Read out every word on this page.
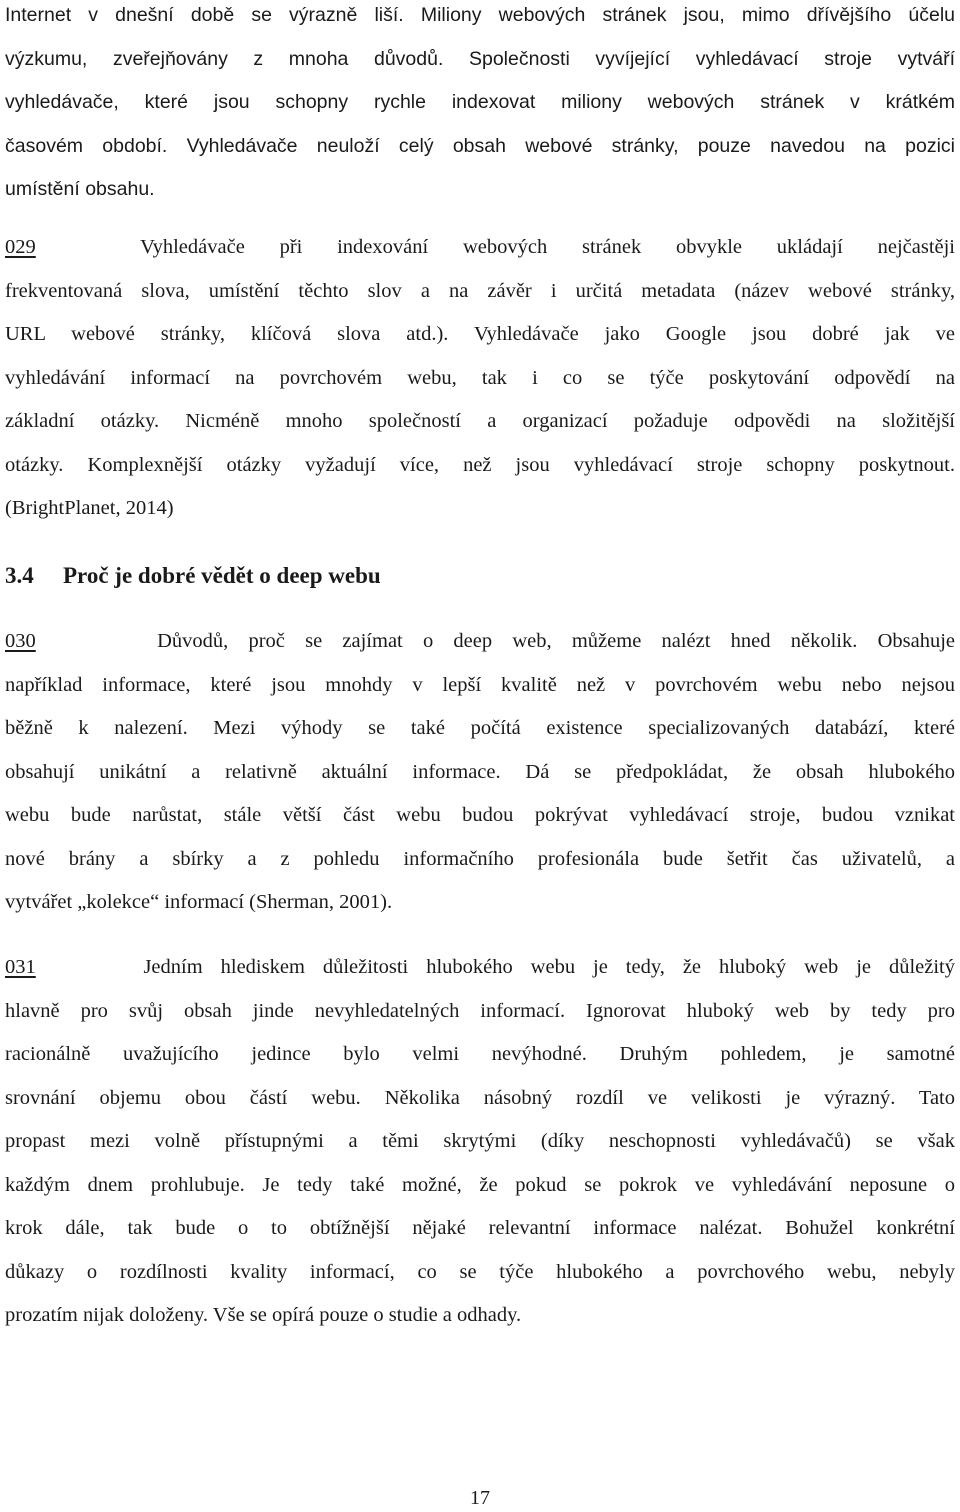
Internet v dnešní době se výrazně liší. Miliony webových stránek jsou, mimo dřívějšího účelu
výzkumu, zveřejňovány z mnoha důvodů. Společnosti vyvíjející vyhledávací stroje vytváří
vyhledávače, které jsou schopny rychle indexovat miliony webových stránek v krátkém
časovém období. Vyhledávače neuloží celý obsah webové stránky, pouze navedou na pozici
umístění obsahu.
029	Vyhledávače při indexování webových stránek obvykle ukládají nejčastěji
frekventovaná slova, umístění těchto slov a na závěr i určitá metadata (název webové stránky,
URL webové stránky, klíčová slova atd.). Vyhledávače jako Google jsou dobré jak ve
vyhledávání informací na povrchovém webu, tak i co se týče poskytování odpovědí na
základní otázky. Nicméně mnoho společností a organizací požaduje odpovědi na složitější
otázky. Komplexnější otázky vyžadují více, než jsou vyhledávací stroje schopny poskytnout.
(BrightPlanet, 2014)
3.4 Proč je dobré vědět o deep webu
030	Důvodů, proč se zajímat o deep web, můžeme nalézt hned několik. Obsahuje
například informace, které jsou mnohdy v lepší kvalitě než v povrchovém webu nebo nejsou
běžně k nalezení. Mezi výhody se také počítá existence specializovaných databází, které
obsahují unikátní a relativně aktuální informace. Dá se předpokládat, že obsah hlubokého
webu bude narůstat, stále větší část webu budou pokrývat vyhledávací stroje, budou vznikat
nové brány a sbírky a z pohledu informačního profesionála bude šetřit čas uživatelů, a
vytvářet „kolekce“ informací (Sherman, 2001).
031	Jedním hlediskem důležitosti hlubokého webu je tedy, že hluboký web je důležitý
hlavně pro svůj obsah jinde nevyhledatelných informací. Ignorovat hluboký web by tedy pro
racionálně uvažujícího jedince bylo velmi nevýhodné. Druhým pohledem, je samotné
srovnání objemu obou částí webu. Několika násobný rozdíl ve velikosti je výrazný. Tato
propast mezi volně přístupnými a těmi skrytými (díky neschopnosti vyhledávačů) se však
každým dnem prohlubuje. Je tedy také možné, že pokud se pokrok ve vyhledávání neposune o
krok dále, tak bude o to obtížnější nějaké relevantní informace nalézat. Bohužel konkrétní
důkazy o rozdílnosti kvality informací, co se týče hlubokého a povrchového webu, nebyly
prozatím nijak doloženy. Vše se opírá pouze o studie a odhady.
17
